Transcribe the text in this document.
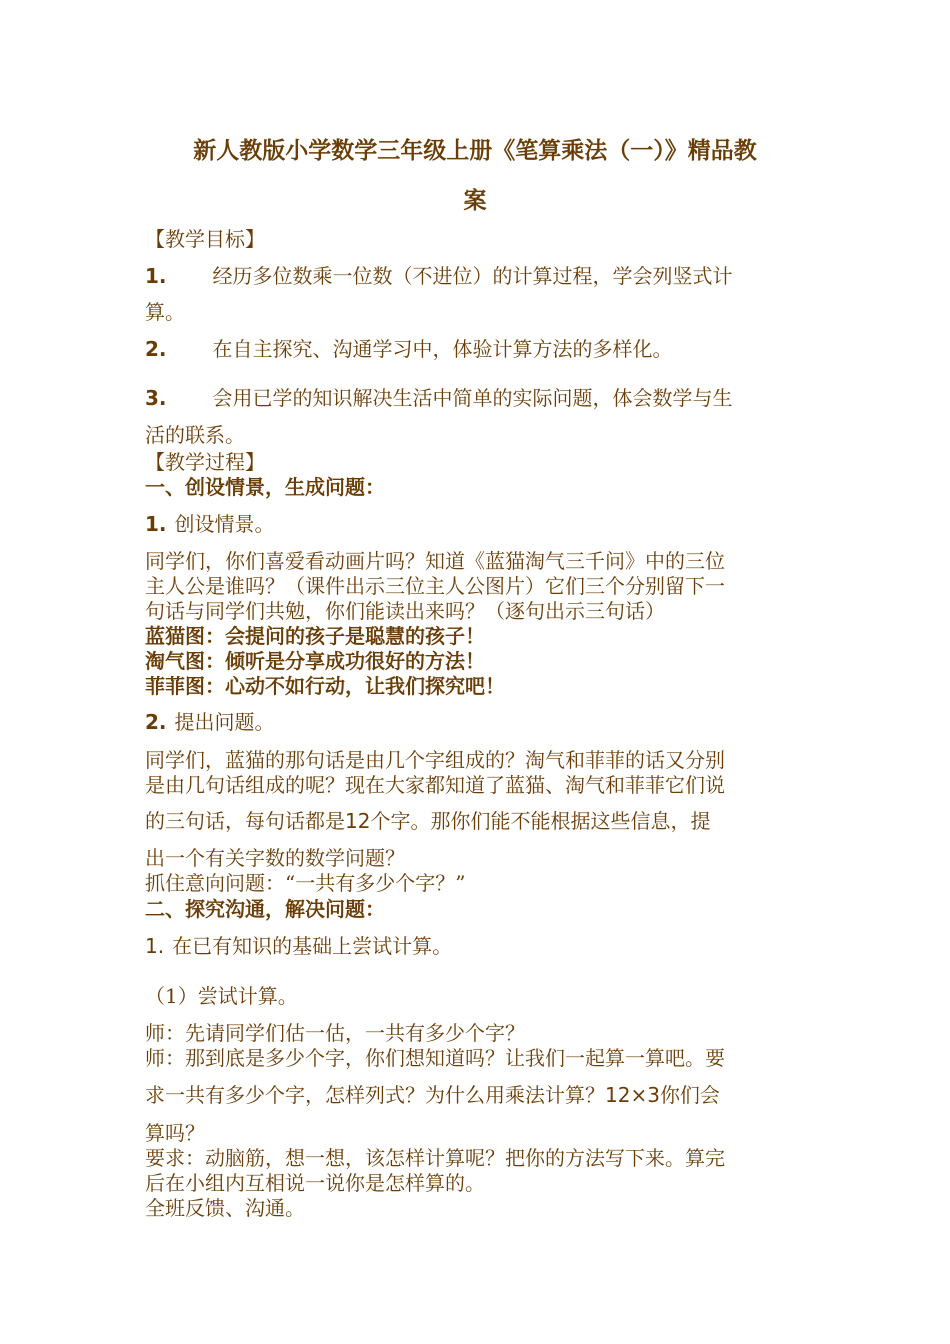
新人教版小学数学三年级上册《笔算乘法（一）》精品教
案
【教学目标】
1. 经历多位数乘一位数（不进位）的计算过程，学会列竖式计
算。
2. 在自主探究、沟通学习中，体验计算方法的多样化。
3. 会用已学的知识解决生活中简单的实际问题，体会数学与生
活的联系。
【教学过程】
一、创设情景，生成问题：
1. 创设情景。
同学们，你们喜爱看动画片吗？知道《蓝猫淘气三千问》中的三位
主人公是谁吗？（课件出示三位主人公图片）它们三个分别留下一
句话与同学们共勉，你们能读出来吗？（逐句出示三句话）
蓝猫图：会提问的孩子是聪慧的孩子！
淘气图：倾听是分享成功很好的方法！
菲菲图：心动不如行动，让我们探究吧！
2. 提出问题。
同学们，蓝猫的那句话是由几个字组成的？淘气和菲菲的话又分别
是由几句话组成的呢？现在大家都知道了蓝猫、淘气和菲菲它们说
的三句话，每句话都是12个字。那你们能不能根据这些信息，提
出一个有关字数的数学问题？
抓住意向问题：“一共有多少个字？”
二、探究沟通，解决问题：
1. 在已有知识的基础上尝试计算。
（1）尝试计算。
师：先请同学们估一估，一共有多少个字？
师：那到底是多少个字，你们想知道吗？让我们一起算一算吧。要
求一共有多少个字，怎样列式？为什么用乘法计算？12×3你们会
算吗？
要求：动脑筋，想一想，该怎样计算呢？把你的方法写下来。算完
后在小组内互相说一说你是怎样算的。
全班反馈、沟通。
